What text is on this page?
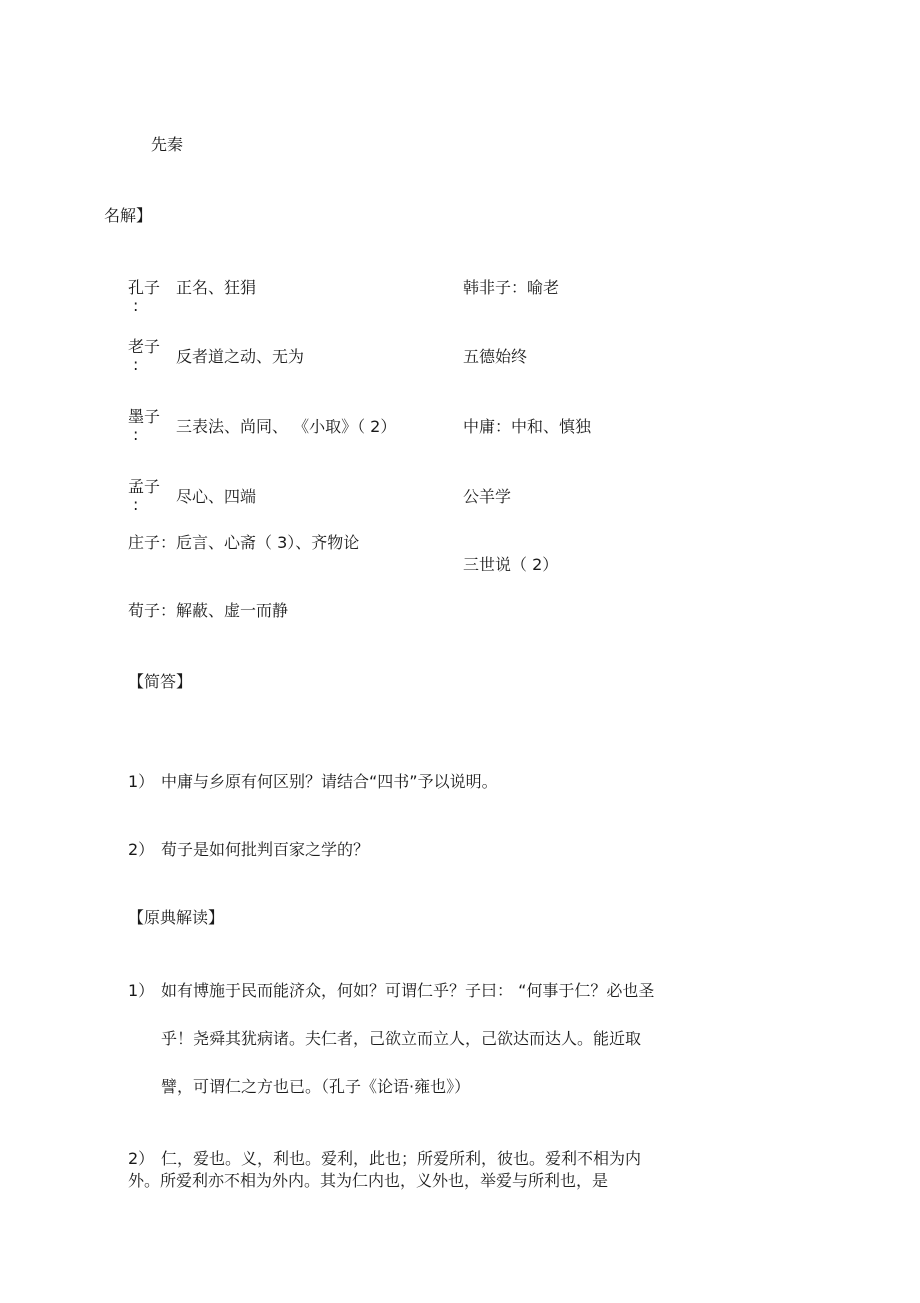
先秦
名解】
孔子
:
正名、狂狷
老子
: 反者道之动、无为
墨子
: 三表法、尚同、 《小取》（ 2）
孟子
: 尽心、四端
庄子：卮言、心斋（ 3）、齐物论
荀子：解蔽、虚一而静
韩非子：喻老
五德始终
中庸：中和、慎独
公羊学
三世说（ 2）
【简答】
1） 中庸与乡原有何区别？请结合“四书”予以说明。
2） 荀子是如何批判百家之学的？
【原典解读】
1） 如有博施于民而能济众，何如？可谓仁乎？子曰： “何事于仁？必也圣
乎！尧舜其犹病诸。夫仁者，己欲立而立人，己欲达而达人。能近取
譬，可谓仁之方也已。（孔子《论语·雍也》）
2） 仁，爱也。义，利也。爱利，此也；所爱所利，彼也。爱利不相为内
外。所爱利亦不相为外内。其为仁内也，义外也，举爱与所利也，是
